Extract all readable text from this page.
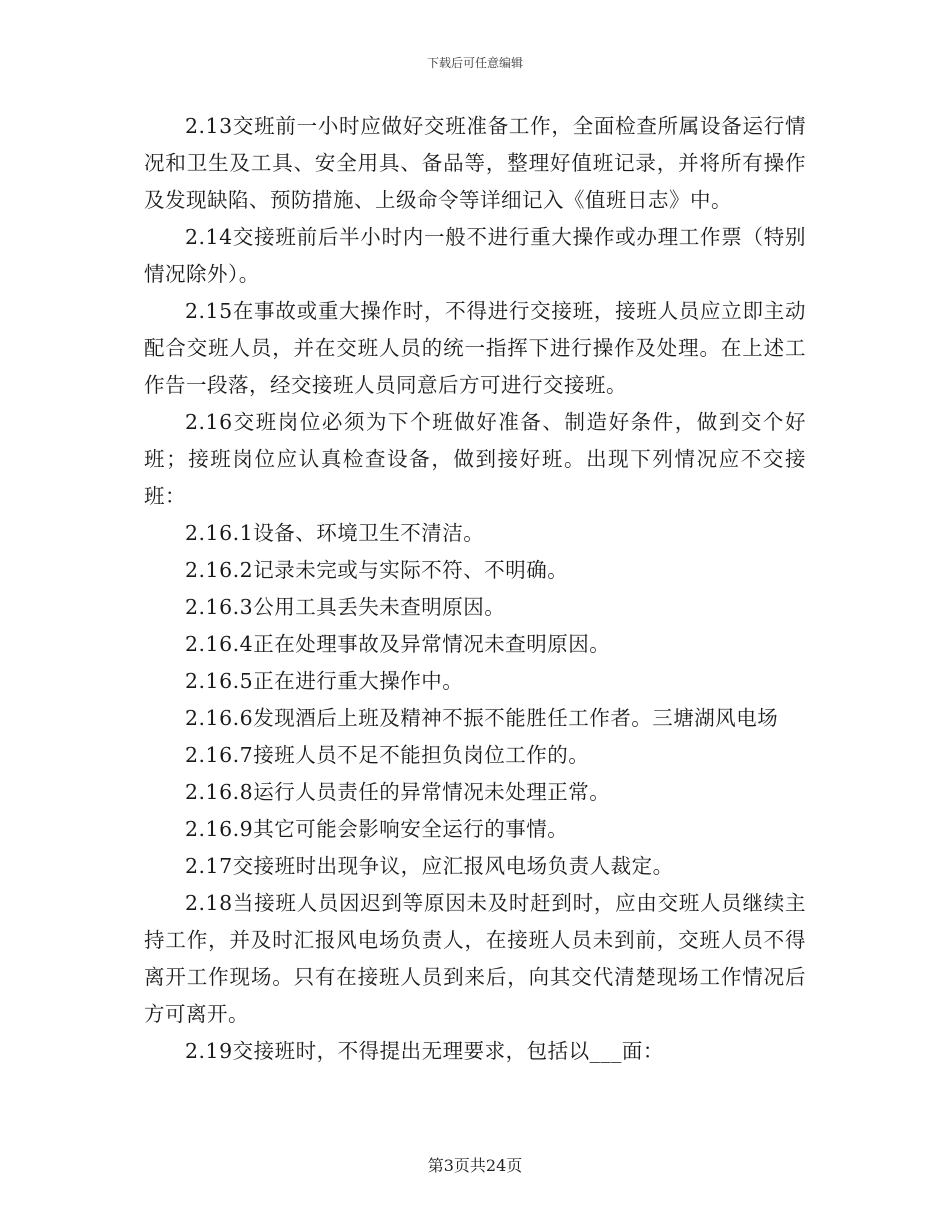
下载后可任意编辑

2.13交班前一小时应做好交班准备工作，全面检查所属设备运行情况和卫生及工具、安全用具、备品等，整理好值班记录，并将所有操作及发现缺陷、预防措施、上级命令等详细记入《值班日志》中。

2.14交接班前后半小时内一般不进行重大操作或办理工作票（特别情况除外）。

2.15在事故或重大操作时，不得进行交接班，接班人员应立即主动配合交班人员，并在交班人员的统一指挥下进行操作及处理。在上述工作告一段落，经交接班人员同意后方可进行交接班。

2.16交班岗位必须为下个班做好准备、制造好条件，做到交个好班；接班岗位应认真检查设备，做到接好班。出现下列情况应不交接班：

2.16.1设备、环境卫生不清洁。

2.16.2记录未完或与实际不符、不明确。

2.16.3公用工具丢失未查明原因。

2.16.4正在处理事故及异常情况未查明原因。

2.16.5正在进行重大操作中。

2.16.6发现酒后上班及精神不振不能胜任工作者。三塘湖风电场

2.16.7接班人员不足不能担负岗位工作的。

2.16.8运行人员责任的异常情况未处理正常。

2.16.9其它可能会影响安全运行的事情。

2.17交接班时出现争议，应汇报风电场负责人裁定。

2.18当接班人员因迟到等原因未及时赶到时，应由交班人员继续主持工作，并及时汇报风电场负责人，在接班人员未到前，交班人员不得离开工作现场。只有在接班人员到来后，向其交代清楚现场工作情况后方可离开。

2.19交接班时，不得提出无理要求，包括以___面：

第3页共24页
